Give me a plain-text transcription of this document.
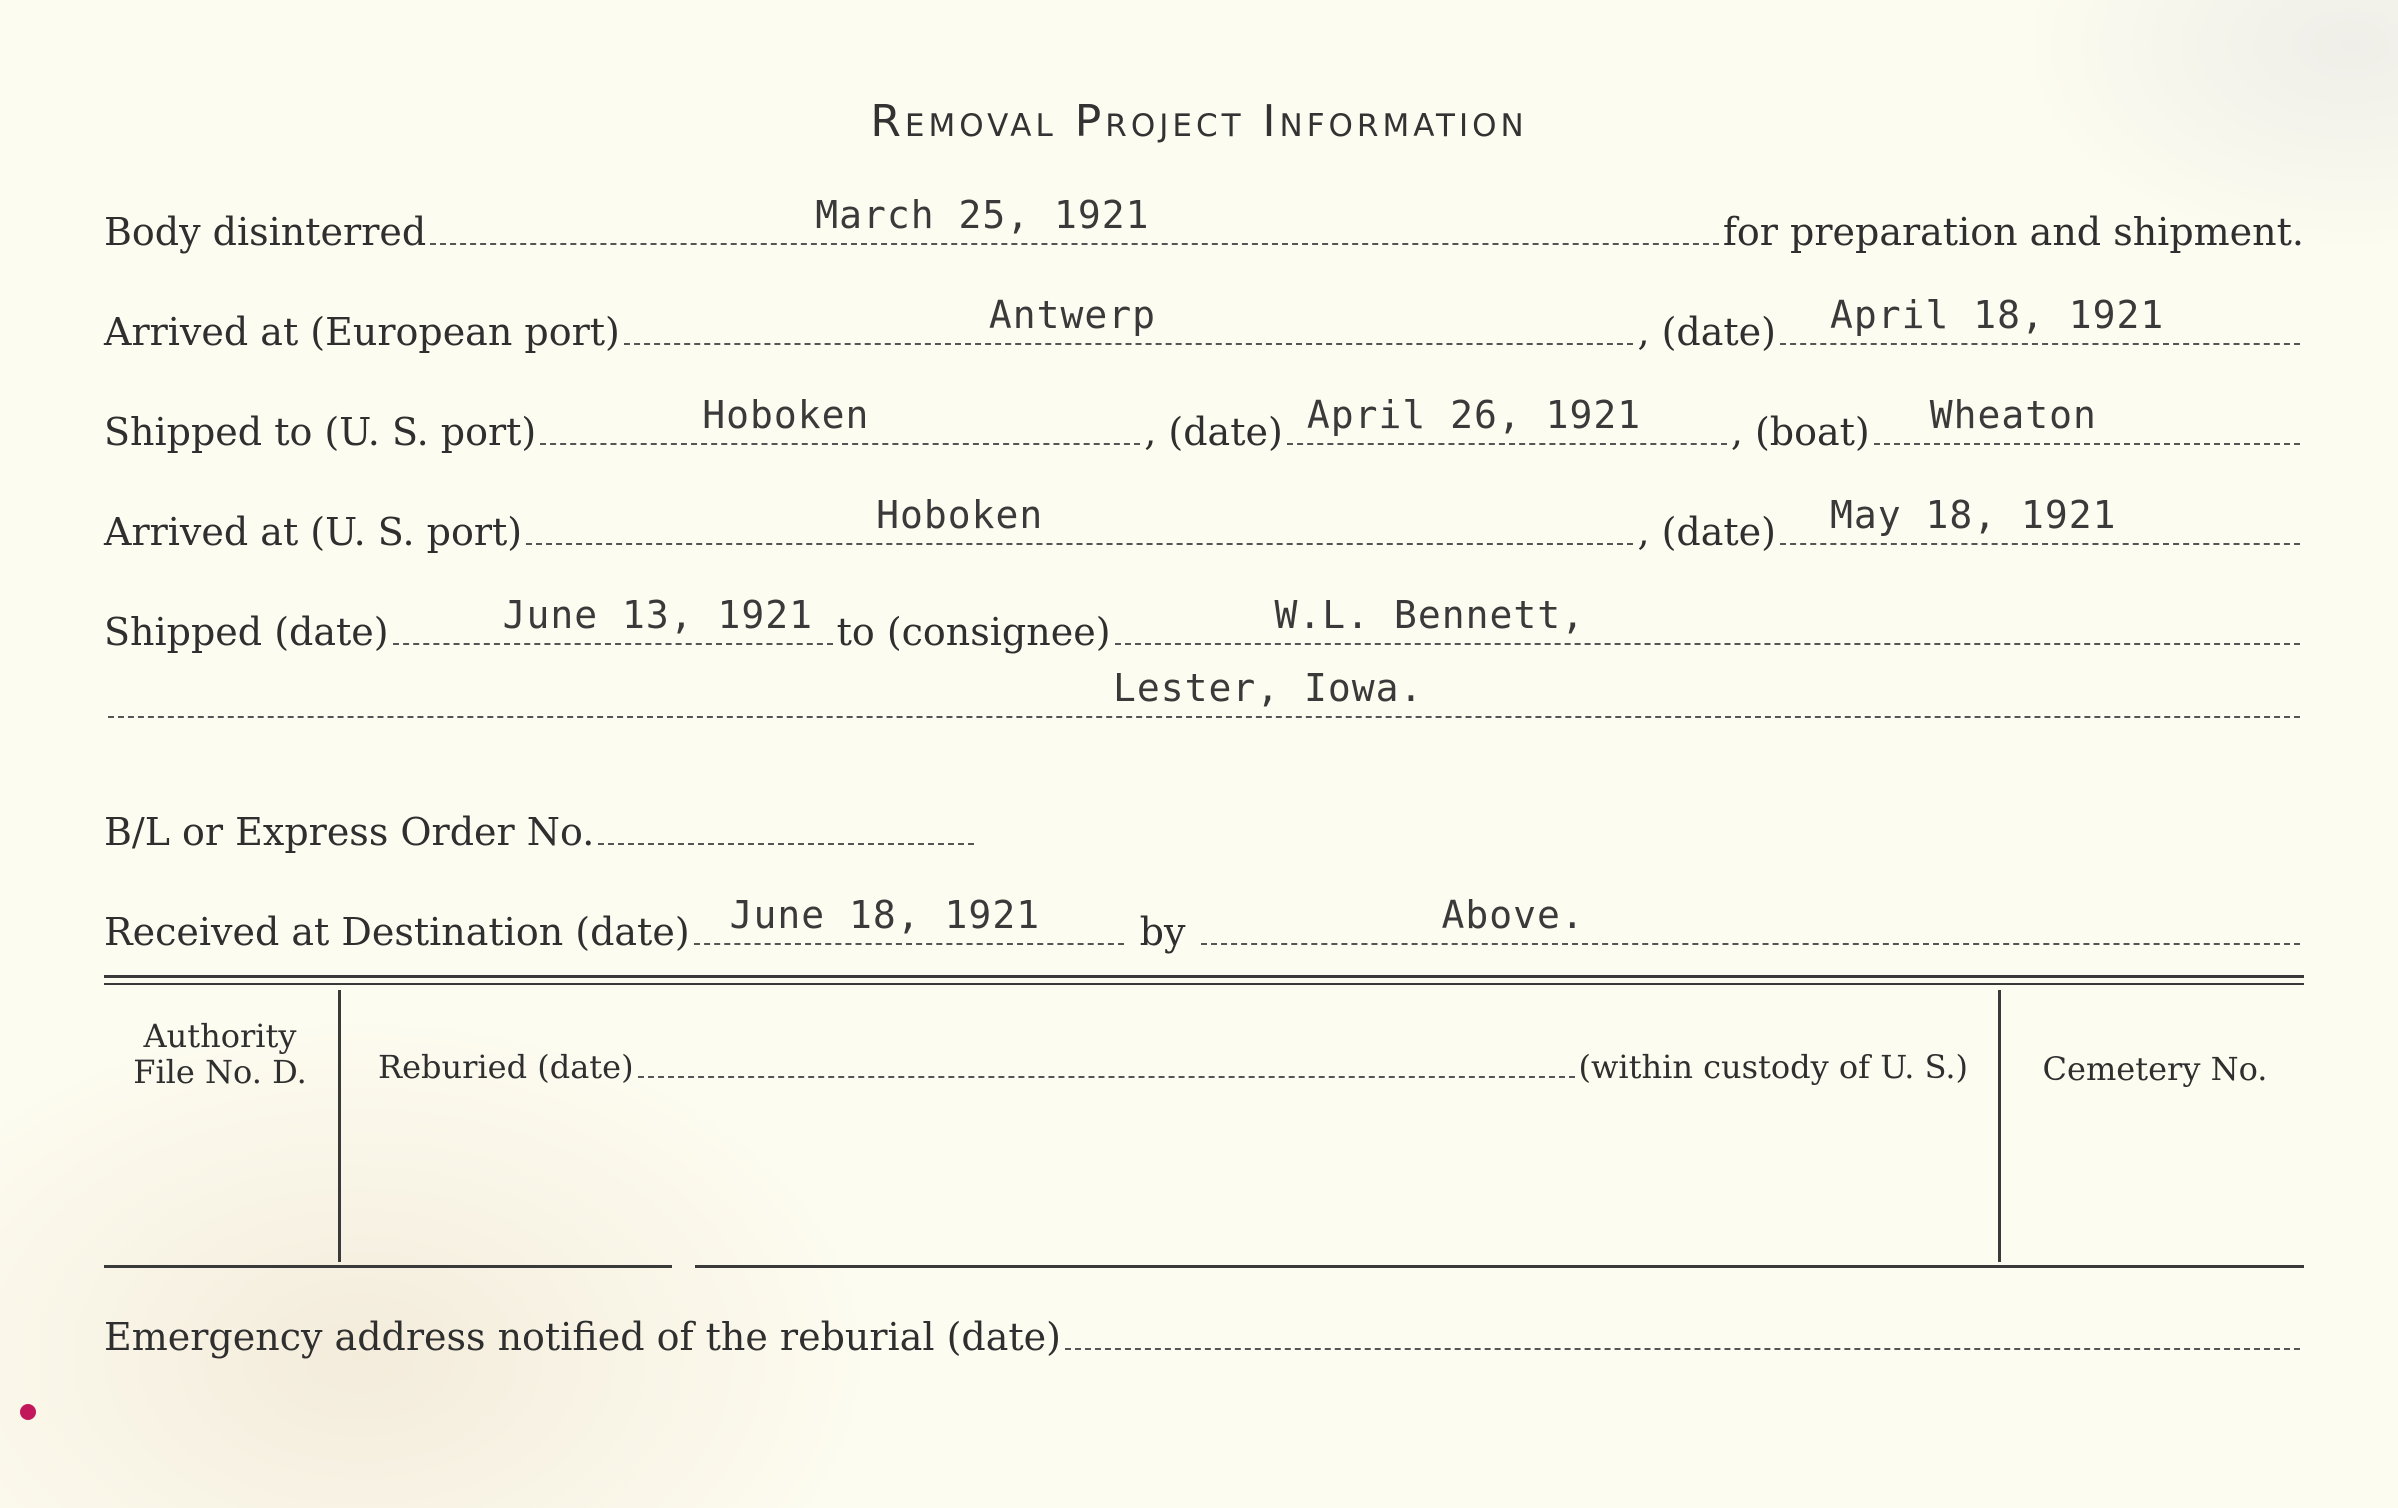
Removal Project Information
Body disinterred	March 25, 1921	for preparation and shipment.
Arrived at (European port)	Antwerp	, (date) April 18, 1921
Shipped to (U. S. port)	Hoboken	, (date) April 26, 1921 , (boat) Wheaton
Arrived at (U. S. port)	Hoboken	, (date) May 18, 1921
Shipped (date)	June 13, 1921 to (consignee)	W.L. Bennett,
Lester, Iowa.
B/L or Express Order No.
Received at Destination (date) June 18, 1921	by	Above.
Authority File No. D.	Reburied (date)	(within custody of U. S.)	Cemetery No.
Emergency address notified of the reburial (date)
